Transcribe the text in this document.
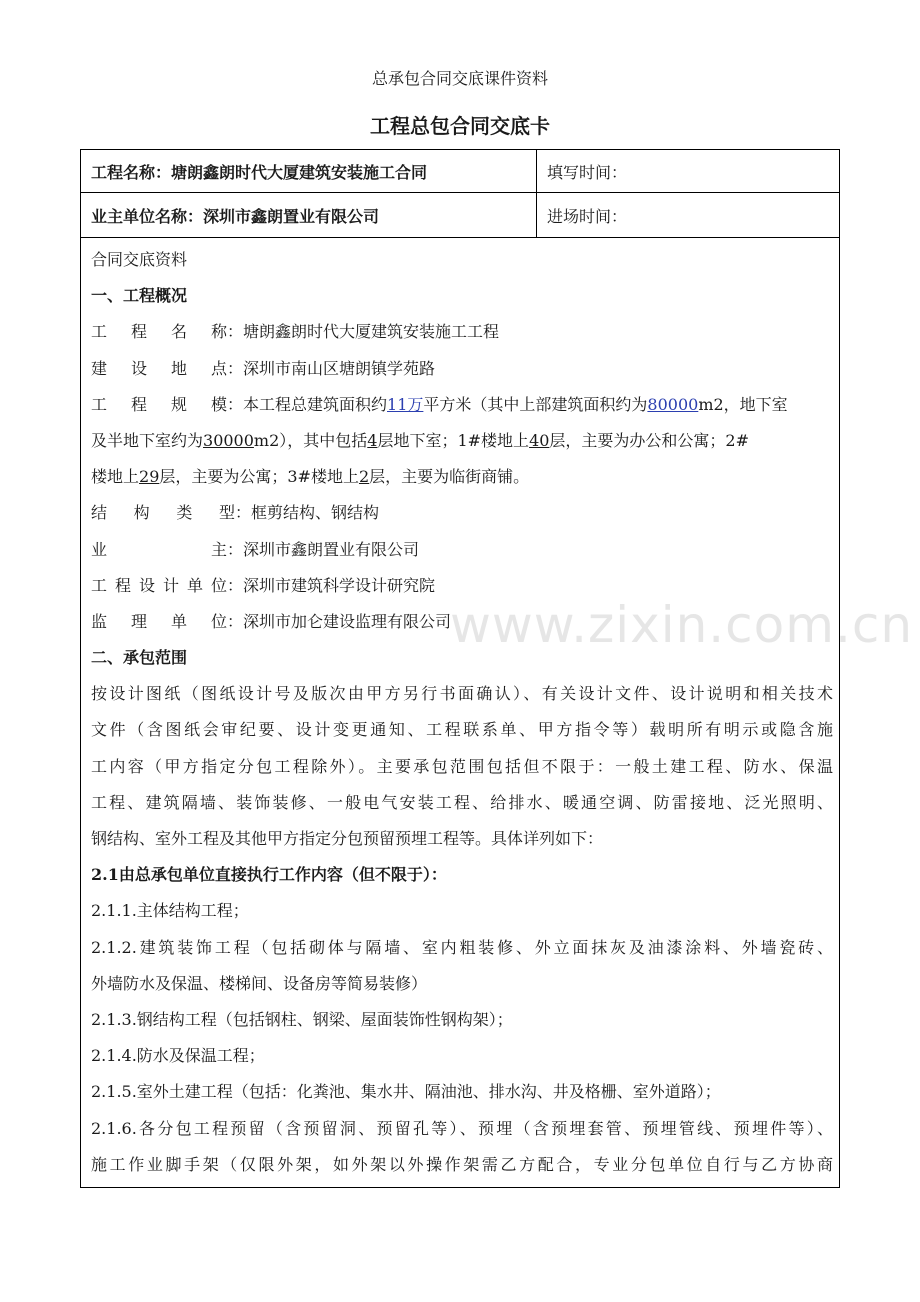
总承包合同交底课件资料
工程总包合同交底卡
工程名称： 塘朗鑫朗时代大厦建筑安装施工合同	填写时间：
业主单位名称： 深圳市鑫朗置业有限公司	进场时间：
合同交底资料
一、工程概况
工程名称：塘朗鑫朗时代大厦建筑安装施工工程
建设地点：深圳市南山区塘朗镇学苑路
工程规模：本工程总建筑面积约11万平方米（其中上部建筑面积约为80000m2，地下室
及半地下室约为30000m2），其中包括4层地下室；1#楼地上40层，主要为办公和公寓；2#
楼地上29层，主要为公寓；3#楼地上2层，主要为临街商铺。
结构类型：框剪结构、钢结构
业主：深圳市鑫朗置业有限公司
工程设计单位：深圳市建筑科学设计研究院
监理单位：深圳市加仑建设监理有限公司
二、承包范围
按设计图纸（图纸设计号及版次由甲方另行书面确认）、有关设计文件、设计说明和相关技术
文件（含图纸会审纪要、设计变更通知、工程联系单、甲方指令等）载明所有明示或隐含施
工内容（甲方指定分包工程除外）。主要承包范围包括但不限于：一般土建工程、防水、保温
工程、建筑隔墙、装饰装修、一般电气安装工程、给排水、暖通空调、防雷接地、泛光照明、
钢结构、室外工程及其他甲方指定分包预留预埋工程等。具体详列如下：
2.1由总承包单位直接执行工作内容（但不限于）：
2.1.1.主体结构工程；
2.1.2.建筑装饰工程（包括砌体与隔墙、室内粗装修、外立面抹灰及油漆涂料、外墙瓷砖、
外墙防水及保温、楼梯间、设备房等简易装修）
2.1.3.钢结构工程（包括钢柱、钢梁、屋面装饰性钢构架）；
2.1.4.防水及保温工程；
2.1.5.室外土建工程（包括：化粪池、集水井、隔油池、排水沟、井及格栅、室外道路）；
2.1.6.各分包工程预留（含预留洞、预留孔等）、预埋（含预埋套管、预埋管线、预埋件等）、
施工作业脚手架（仅限外架，如外架以外操作架需乙方配合，专业分包单位自行与乙方协商
www.zixin.com.cn
